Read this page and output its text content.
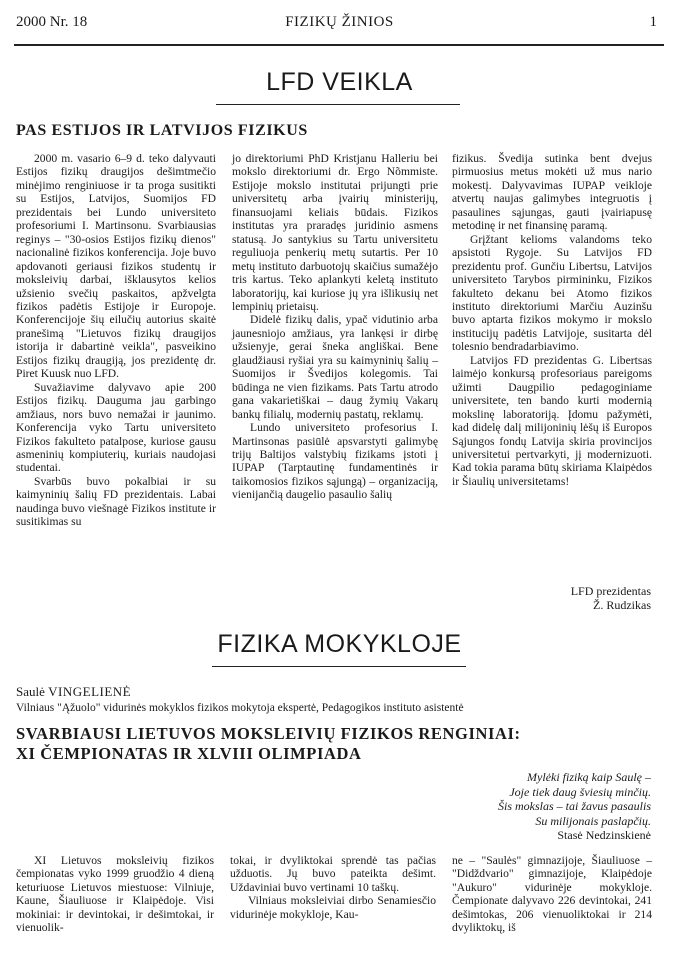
2000 Nr. 18	FIZIKŲ ŽINIOS	1
LFD VEIKLA
PAS ESTIJOS IR LATVIJOS FIZIKUS

2000 m. vasario 6–9 d. teko dalyvauti Estijos fizikų draugijos dešimtmečio minėjimo renginiuose ir ta proga susitikti su Estijos, Latvijos, Suomijos FD prezidentais bei Lundo universiteto profesoriumi I. Martinsonu. Svarbiausias reginys – "30-osios Estijos fizikų dienos" nacionalinė fizikos konferencija. Joje buvo apdovanoti geriausi fizikos studentų ir moksleivių darbai, išklausytos kelios užsienio svečių paskaitos, apžvelgta fizikos padėtis Estijoje ir Europoje. Konferencijoje šių eilučių autorius skaitė pranešimą "Lietuvos fizikų draugijos istorija ir dabartinė veikla", pasveikino Estijos fizikų draugiją, jos prezidentę dr. Piret Kuusk nuo LFD.

Suvažiavime dalyvavo apie 200 Estijos fizikų. Dauguma jau garbingo amžiaus, nors buvo nemažai ir jaunimo. Konferencija vyko Tartu universiteto Fizikos fakulteto patalpose, kuriose gausu asmeninių kompiuterių, kuriais naudojasi studentai.

Svarbūs buvo pokalbiai ir su kaimyninių šalių FD prezidentais. Labai naudinga buvo viešnagė Fizikos institute ir susitikimas su

jo direktoriumi PhD Kristjanu Halleriu bei mokslo direktoriumi dr. Ergo Nõmmiste. Estijoje mokslo institutai prijungti prie universitetų arba įvairių ministerijų, finansuojami keliais būdais. Fizikos institutas yra praradęs juridinio asmens statusą. Jo santykius su Tartu universitetu reguliuoja penkerių metų sutartis. Per 10 metų instituto darbuotojų skaičius sumažėjo tris kartus. Teko aplankyti keletą instituto laboratorijų, kai kuriose jų yra išlikusių net lempinių prietaisų.

Didelė fizikų dalis, ypač vidutinio arba jaunesniojo amžiaus, yra lankęsi ir dirbę užsienyje, gerai šneka angliškai. Bene glaudžiausi ryšiai yra su kaimyninių šalių – Suomijos ir Švedijos kolegomis. Tai būdinga ne vien fizikams. Pats Tartu atrodo gana vakarietiškai – daug žymių Vakarų bankų filialų, modernių pastatų, reklamų.

Lundo universiteto profesorius I. Martinsonas pasiūlė apsvarstyti galimybę trijų Baltijos valstybių fizikams įstoti į IUPAP (Tarptautinę fundamentinės ir taikomosios fizikos sąjungą) – organizaciją, vienijančią daugelio pasaulio šalių

fizikus. Švedija sutinka bent dvejus pirmuosius metus mokėti už mus nario mokestį. Dalyvavimas IUPAP veikloje atvertų naujas galimybes integruotis į pasaulines sąjungas, gauti įvairiapusę metodinę ir net finansinę paramą.

Grįžtant kelioms valandoms teko apsistoti Rygoje. Su Latvijos FD prezidentu prof. Gunčiu Libertsu, Latvijos universiteto Tarybos pirmininku, Fizikos fakulteto dekanu bei Atomo fizikos instituto direktoriumi Marčiu Auzinšu buvo aptarta fizikos mokymo ir mokslo institucijų padėtis Latvijoje, susitarta dėl tolesnio bendradarbiavimo.

Latvijos FD prezidentas G. Libertsas laimėjo konkursą profesoriaus pareigoms užimti Daugpilio pedagoginiame universitete, ten bando kurti modernią mokslinę laboratoriją. Įdomu pažymėti, kad didelę dalį milijoninių lėšų iš Europos Sąjungos fondų Latvija skiria provincijos universitetui pertvarkyti, jį modernizuoti. Kad tokia parama būtų skiriama Klaipėdos ir Šiaulių universitetams!

LFD prezidentas
Ž. Rudzikas
FIZIKA MOKYKLOJE
Saulė VINGELIENĖ
Vilniaus "Ąžuolo" vidurinės mokyklos fizikos mokytoja ekspertė, Pedagogikos instituto asistentė
SVARBIAUSI LIETUVOS MOKSLEIVIŲ FIZIKOS RENGINIAI:
XI ČEMPIONATAS IR XLVIII OLIMPIADA
Mylėki fiziką kaip Saulę –
Joje tiek daug šviesių minčių.
Šis mokslas – tai žavus pasaulis
Su milijonais paslapčių.
Stasė Nedzinskienė

XI Lietuvos moksleivių fizikos čempionatas vyko 1999 gruodžio 4 dieną keturiuose Lietuvos miestuose: Vilniuje, Kaune, Šiauliuose ir Klaipėdoje. Visi mokiniai: ir devintokai, ir dešimtokai, ir vienuolik-

tokai, ir dvyliktokai sprendė tas pačias užduotis. Jų buvo pateikta dešimt. Uždaviniai buvo vertinami 10 taškų.

Vilniaus moksleiviai dirbo Senamiesčio vidurinėje mokykloje, Kau-

ne – "Saulės" gimnazijoje, Šiauliuose – "Didždvario" gimnazijoje, Klaipėdoje "Aukuro" vidurinėje mokykloje. Čempionate dalyvavo 226 devintokai, 241 dešimtokas, 206 vienuoliktokai ir 214 dvyliktokų, iš
